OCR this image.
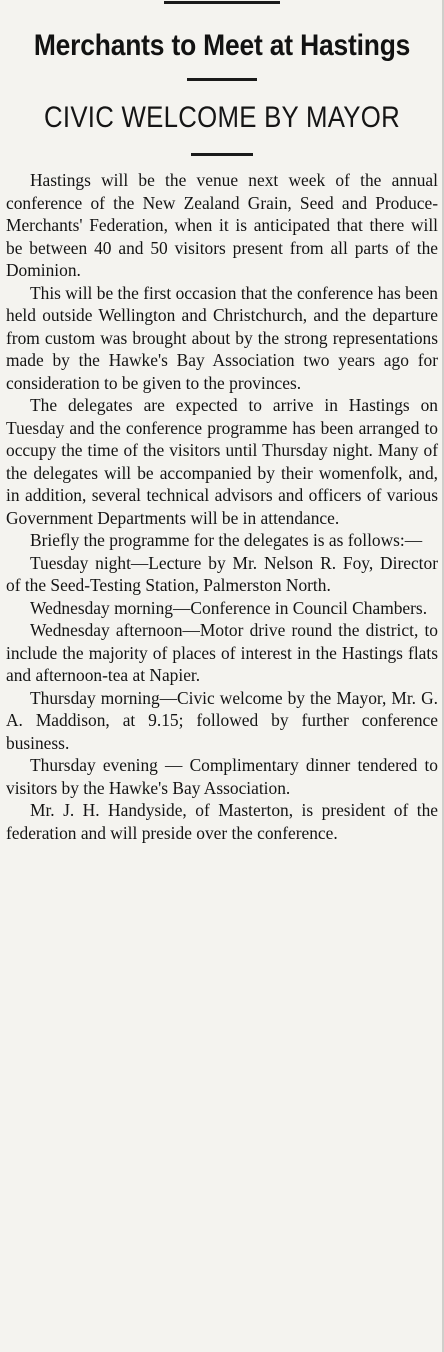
Merchants to Meet at Hastings
CIVIC WELCOME BY MAYOR

Hastings will be the venue next week of the annual conference of the New Zealand Grain, Seed and Produce-Merchants' Federation, when it is anticipated that there will be between 40 and 50 visitors present from all parts of the Dominion.

This will be the first occasion that the conference has been held outside Wellington and Christchurch, and the departure from custom was brought about by the strong representations made by the Hawke's Bay Association two years ago for consideration to be given to the provinces.

The delegates are expected to arrive in Hastings on Tuesday and the conference programme has been arranged to occupy the time of the visitors until Thursday night. Many of the delegates will be accompanied by their womenfolk, and, in addition, several technical advisors and officers of various Government Departments will be in attendance.

Briefly the programme for the delegates is as follows:—

Tuesday night—Lecture by Mr. Nelson R. Foy, Director of the Seed-Testing Station, Palmerston North.

Wednesday morning—Conference in Council Chambers.

Wednesday afternoon—Motor drive round the district, to include the majority of places of interest in the Hastings flats and afternoon-tea at Napier.

Thursday morning—Civic welcome by the Mayor, Mr. G. A. Maddison, at 9.15; followed by further conference business.

Thursday evening — Complimentary dinner tendered to visitors by the Hawke's Bay Association.

Mr. J. H. Handyside, of Masterton, is president of the federation and will preside over the conference.
